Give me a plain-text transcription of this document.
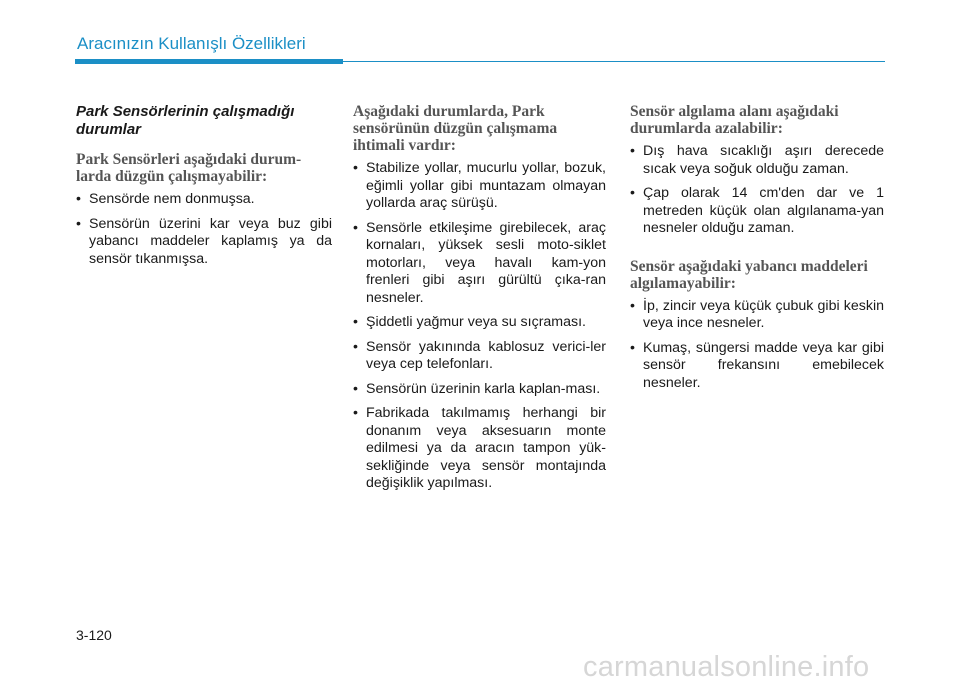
Aracınızın Kullanışlı Özellikleri
Park Sensörlerinin çalışmadığı durumlar
Park Sensörleri aşağıdaki durum-larda düzgün çalışmayabilir:
• Sensörde nem donmuşsa.
• Sensörün üzerini kar veya buz gibi yabancı maddeler kaplamış ya da sensör tıkanmışsa.
Aşağıdaki durumlarda, Park sensörünün düzgün çalışmama ihtimali vardır:
• Stabilize yollar, mucurlu yollar, bozuk, eğimli yollar gibi muntazam olmayan yollarda araç sürüşü.
• Sensörle etkileşime girebilecek, araç kornaları, yüksek sesli moto-siklet motorları, veya havalı kam-yon frenleri gibi aşırı gürültü çıka-ran nesneler.
• Şiddetli yağmur veya su sıçraması.
• Sensör yakınında kablosuz verici-ler veya cep telefonları.
• Sensörün üzerinin karla kaplan-ması.
• Fabrikada takılmamış herhangi bir donanım veya aksesuarın monte edilmesi ya da aracın tampon yük-sekliğinde veya sensör montajında değişiklik yapılması.
Sensör algılama alanı aşağıdaki durumlarda azalabilir:
• Dış hava sıcaklığı aşırı derecede sıcak veya soğuk olduğu zaman.
• Çap olarak 14 cm'den dar ve 1 metreden küçük olan algılanama-yan nesneler olduğu zaman.
Sensör aşağıdaki yabancı maddeleri algılamayabilir:
• İp, zincir veya küçük çubuk gibi keskin veya ince nesneler.
• Kumaş, süngersi madde veya kar gibi sensör frekansını emebilecek nesneler.
3-120
carmanualsonline.info
